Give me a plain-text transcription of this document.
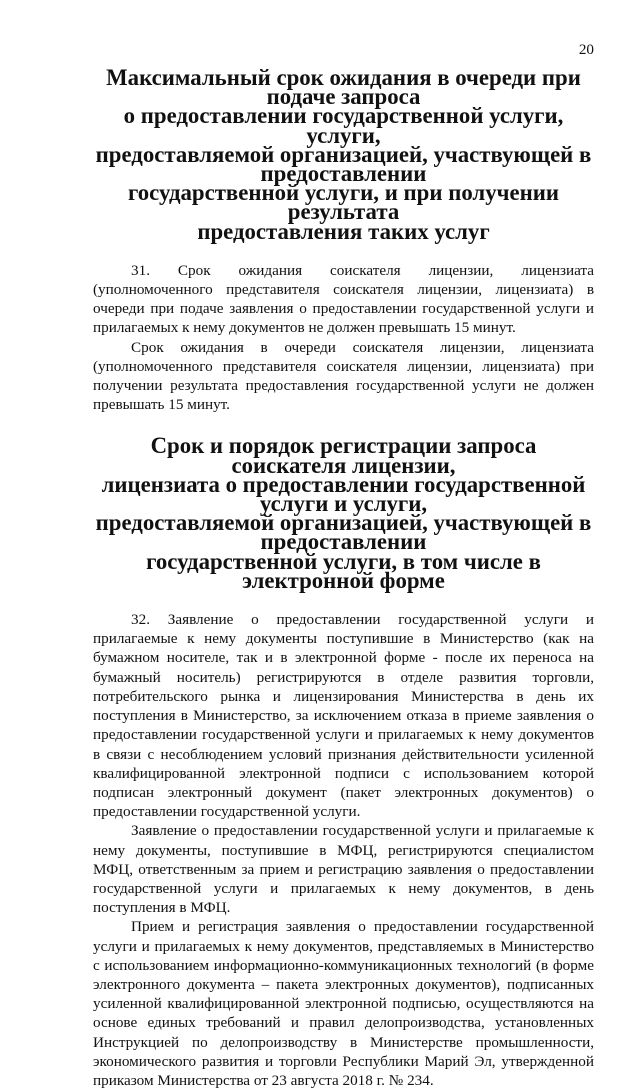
20
Максимальный срок ожидания в очереди при подаче запроса
о предоставлении государственной услуги, услуги,
предоставляемой организацией, участвующей в предоставлении
государственной услуги, и при получении результата
предоставления таких услуг

31. Срок ожидания соискателя лицензии, лицензиата (уполномоченного представителя соискателя лицензии, лицензиата) в очереди при подаче заявления о предоставлении государственной услуги и прилагаемых к нему документов не должен превышать 15 минут.

Срок ожидания в очереди соискателя лицензии, лицензиата (уполномоченного представителя соискателя лицензии, лицензиата) при получении результата предоставления государственной услуги не должен превышать 15 минут.

Срок и порядок регистрации запроса соискателя лицензии,
лицензиата о предоставлении государственной услуги и услуги,
предоставляемой организацией, участвующей в предоставлении
государственной услуги, в том числе в электронной форме

32. Заявление о предоставлении государственной услуги и прилагаемые к нему документы поступившие в Министерство (как на бумажном носителе, так и в электронной форме - после их переноса на бумажный носитель) регистрируются в отделе развития торговли, потребительского рынка и лицензирования Министерства в день их поступления в Министерство, за исключением отказа в приеме заявления о предоставлении государственной услуги и прилагаемых к нему документов в связи с несоблюдением условий признания действительности усиленной квалифицированной электронной подписи с использованием которой подписан электронный документ (пакет электронных документов) о предоставлении государственной услуги.

Заявление о предоставлении государственной услуги и прилагаемые к нему документы, поступившие в МФЦ, регистрируются специалистом МФЦ, ответственным за прием и регистрацию заявления о предоставлении государственной услуги и прилагаемых к нему документов, в день поступления в МФЦ.

Прием и регистрация заявления о предоставлении государственной услуги и прилагаемых к нему документов, представляемых в Министерство с использованием информационно-коммуникационных технологий (в форме электронного документа – пакета электронных документов), подписанных усиленной квалифицированной электронной подписью, осуществляются на основе единых требований и правил делопроизводства, установленных Инструкцией по делопроизводству в Министерстве промышленности, экономического развития и торговли Республики Марий Эл, утвержденной приказом Министерства от 23 августа 2018 г. № 234.
